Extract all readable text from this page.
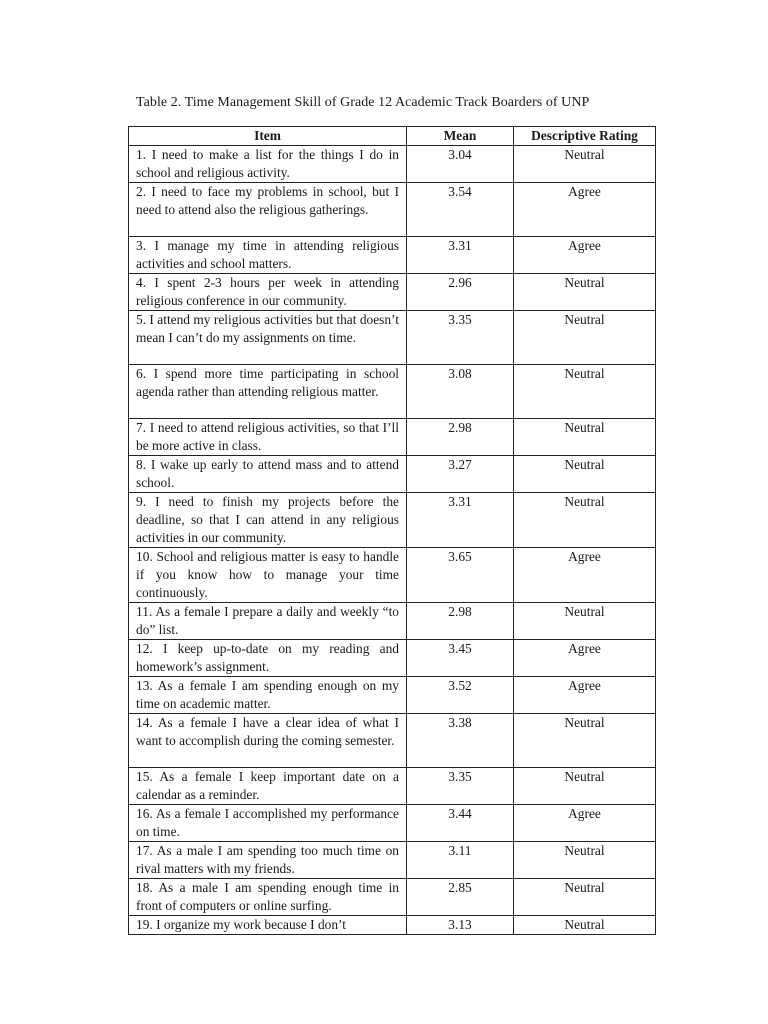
Table 2. Time Management Skill of Grade 12 Academic Track Boarders of UNP
Item	Mean	Descriptive Rating
1. I need to make a list for the things I do in school and religious activity.	3.04	Neutral
2. I need to face my problems in school, but I need to attend also the religious gatherings.	3.54	Agree
3. I manage my time in attending religious activities and school matters.	3.31	Agree
4. I spent 2-3 hours per week in attending religious conference in our community.	2.96	Neutral
5. I attend my religious activities but that doesn’t mean I can’t do my assignments on time.	3.35	Neutral
6. I spend more time participating in school agenda rather than attending religious matter.	3.08	Neutral
7. I need to attend religious activities, so that I’ll be more active in class.	2.98	Neutral
8. I wake up early to attend mass and to attend school.	3.27	Neutral
9. I need to finish my projects before the deadline, so that I can attend in any religious activities in our community.	3.31	Neutral
10. School and religious matter is easy to handle if you know how to manage your time continuously.	3.65	Agree
11. As a female I prepare a daily and weekly “to do” list.	2.98	Neutral
12. I keep up-to-date on my reading and homework’s assignment.	3.45	Agree
13. As a female I am spending enough on my time on academic matter.	3.52	Agree
14. As a female I have a clear idea of what I want to accomplish during the coming semester.	3.38	Neutral
15. As a female I keep important date on a calendar as a reminder.	3.35	Neutral
16. As a female I accomplished my performance on time.	3.44	Agree
17. As a male I am spending too much time on rival matters with my friends.	3.11	Neutral
18. As a male I am spending enough time in front of computers or online surfing.	2.85	Neutral
19. I organize my work because I don’t	3.13	Neutral
